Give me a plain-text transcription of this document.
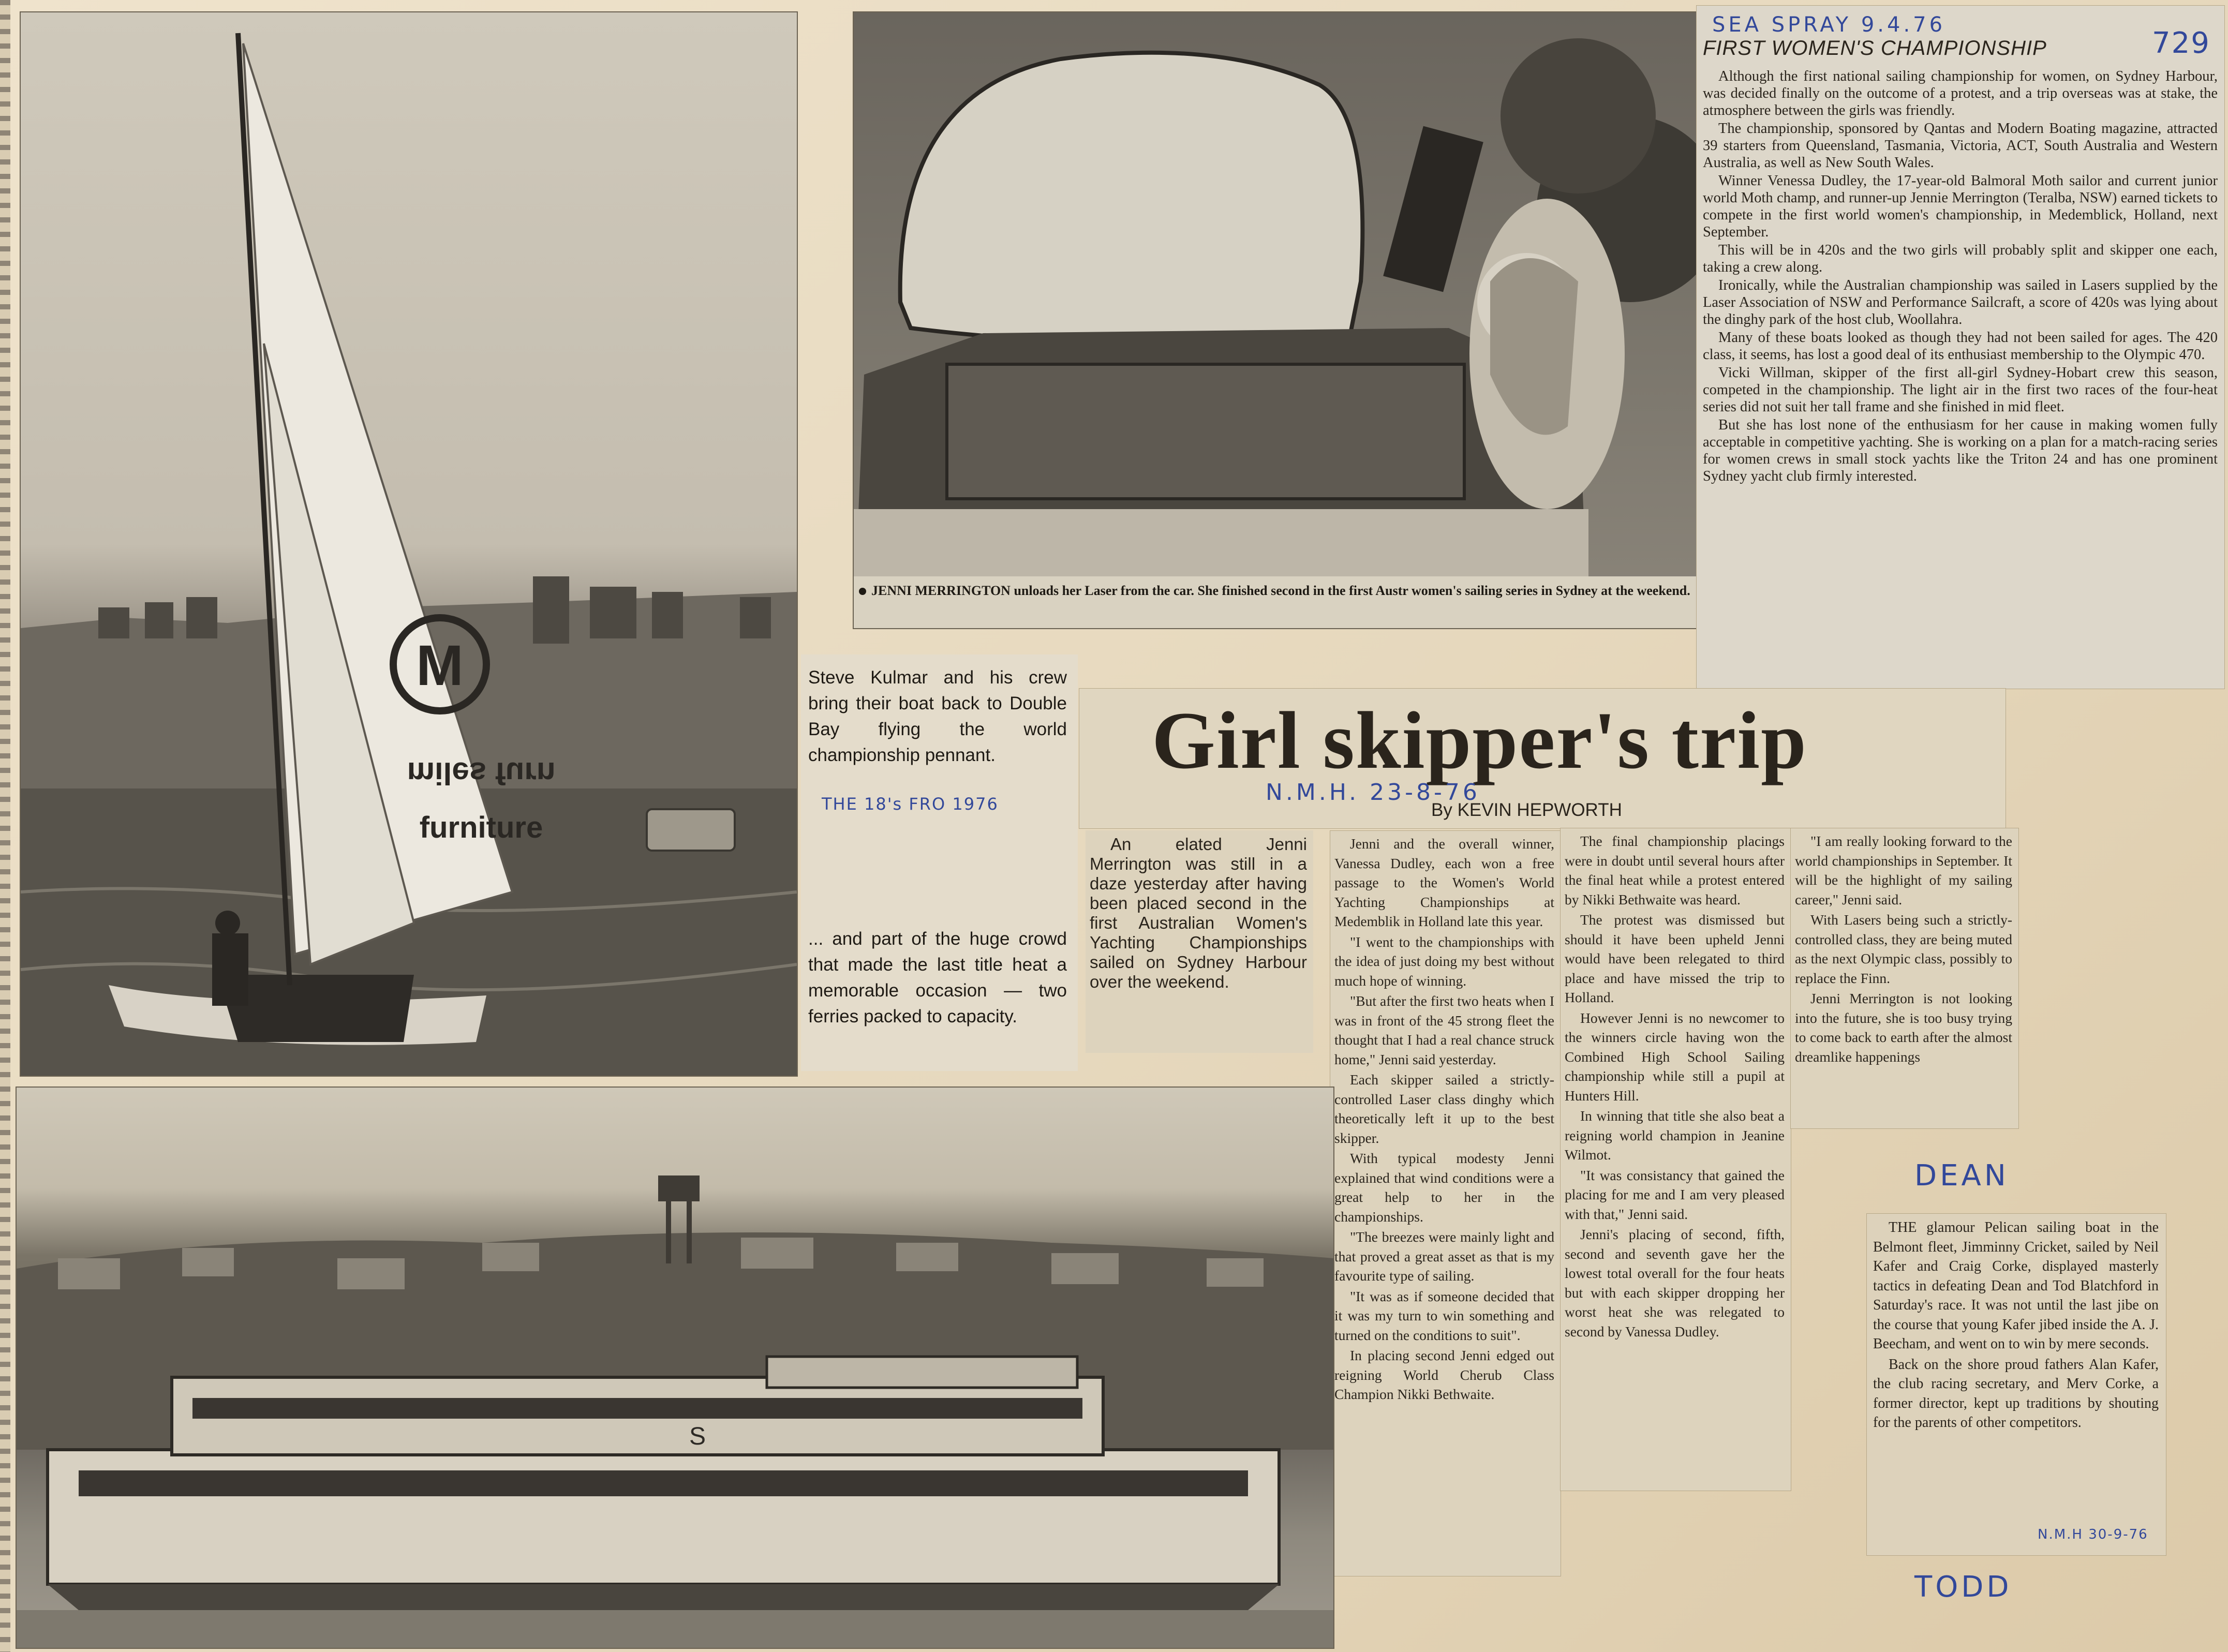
M
miles furn
furniture
JENNI MERRINGTON unloads her Laser from the car. She finished second in the first Austr women's sailing series in Sydney at the weekend.
SEA SPRAY 9.4.76
729
FIRST WOMEN'S CHAMPIONSHIP

Although the first national sailing championship for women, on Sydney Harbour, was decided finally on the outcome of a protest, and a trip overseas was at stake, the atmosphere between the girls was friendly.

The championship, sponsored by Qantas and Modern Boating magazine, attracted 39 starters from Queensland, Tasmania, Victoria, ACT, South Australia and Western Australia, as well as New South Wales.

Winner Venessa Dudley, the 17-year-old Balmoral Moth sailor and current junior world Moth champ, and runner-up Jennie Merrington (Teralba, NSW) earned tickets to compete in the first world women's championship, in Medemblick, Holland, next September.

This will be in 420s and the two girls will probably split and skipper one each, taking a crew along.

Ironically, while the Australian championship was sailed in Lasers supplied by the Laser Association of NSW and Performance Sailcraft, a score of 420s was lying about the dinghy park of the host club, Woollahra.

Many of these boats looked as though they had not been sailed for ages. The 420 class, it seems, has lost a good deal of its enthusiast membership to the Olympic 470.

Vicki Willman, skipper of the first all-girl Sydney-Hobart crew this season, competed in the championship. The light air in the first two races of the four-heat series did not suit her tall frame and she finished in mid fleet.

But she has lost none of the enthusiasm for her cause in making women fully acceptable in competitive yachting. She is working on a plan for a match-racing series for women crews in small stock yachts like the Triton 24 and has one prominent Sydney yacht club firmly interested.

Steve Kulmar and his crew bring their boat back to Double Bay flying the world championship pennant.
THE 18's FRO 1976
... and part of the huge crowd that made the last title heat a memorable occasion — two ferries packed to capacity.
Girl skipper's trip
N.M.H. 23-8-76
By KEVIN HEPWORTH
An elated Jenni Merrington was still in a daze yesterday after having been placed second in the first Australian Women's Yachting Championships sailed on Sydney Harbour over the weekend.

Jenni and the overall winner, Vanessa Dudley, each won a free passage to the Women's World Yachting Championships at Medemblik in Holland late this year.

"I went to the championships with the idea of just doing my best without much hope of winning.

"But after the first two heats when I was in front of the 45 strong fleet the thought that I had a real chance struck home," Jenni said yesterday.

Each skipper sailed a strictly-controlled Laser class dinghy which theoretically left it up to the best skipper.

With typical modesty Jenni explained that wind conditions were a great help to her in the championships.

"The breezes were mainly light and that proved a great asset as that is my favourite type of sailing.

"It was as if someone decided that it was my turn to win something and turned on the conditions to suit".

In placing second Jenni edged out reigning World Cherub Class Champion Nikki Bethwaite.

The final championship placings were in doubt until several hours after the final heat while a protest entered by Nikki Bethwaite was heard.

The protest was dismissed but should it have been upheld Jenni would have been relegated to third place and have missed the trip to Holland.

However Jenni is no newcomer to the winners circle having won the Combined High School Sailing championship while still a pupil at Hunters Hill.

In winning that title she also beat a reigning world champion in Jeanine Wilmot.

"It was consistancy that gained the placing for me and I am very pleased with that," Jenni said.

Jenni's placing of second, fifth, second and seventh gave her the lowest total overall for the four heats but with each skipper dropping her worst heat she was relegated to second by Vanessa Dudley.

"I am really looking forward to the world championships in September. It will be the highlight of my sailing career," Jenni said.

With Lasers being such a strictly-controlled class, they are being muted as the next Olympic class, possibly to replace the Finn.

Jenni Merrington is not looking into the future, she is too busy trying to come back to earth after the almost dreamlike happenings

DEAN

THE glamour Pelican sailing boat in the Belmont fleet, Jimminny Cricket, sailed by Neil Kafer and Craig Corke, displayed masterly tactics in defeating Dean and Tod Blatchford in Saturday's race. It was not until the last jibe on the course that young Kafer jibed inside the A. J. Beecham, and went on to win by mere seconds.

Back on the shore proud fathers Alan Kafer, the club racing secretary, and Merv Corke, a former director, kept up traditions by shouting for the parents of other competitors.

N.M.H 30-9-76
TODD
S
